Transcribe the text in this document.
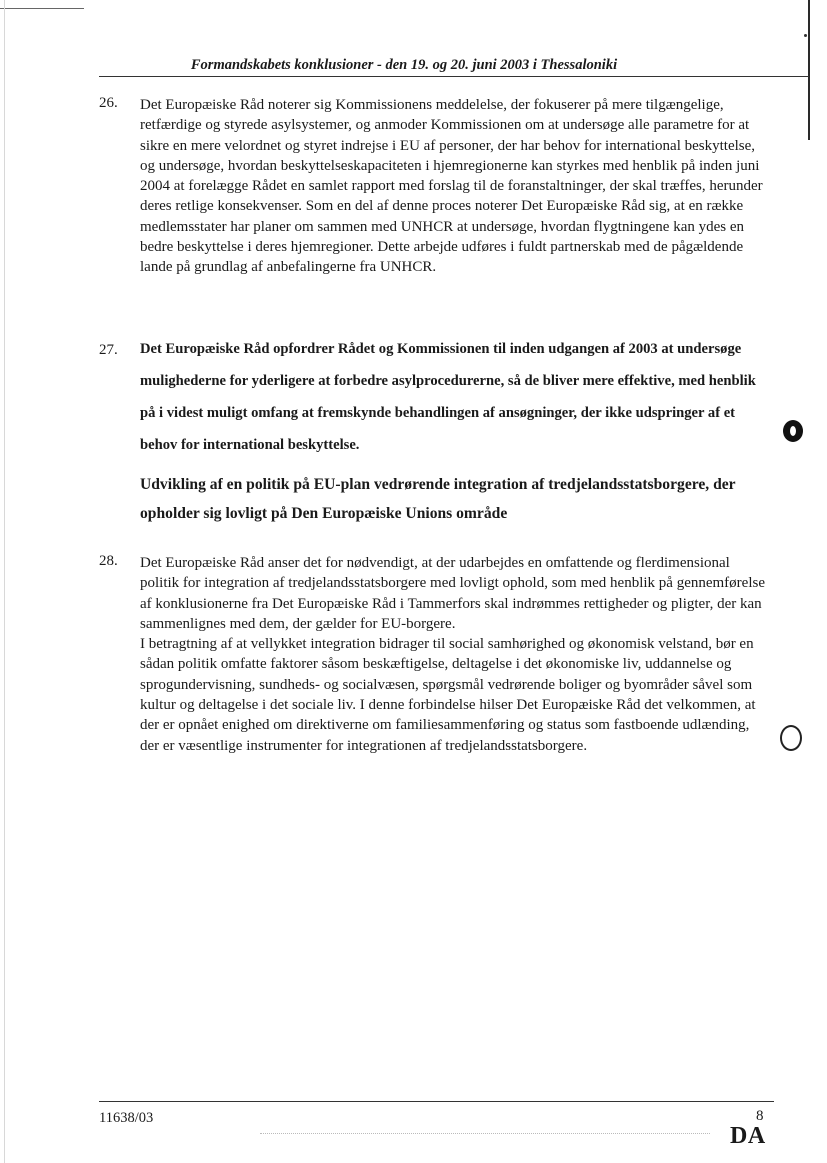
Formandskabets konklusioner - den 19. og 20. juni 2003 i Thessaloniki
26. Det Europæiske Råd noterer sig Kommissionens meddelelse, der fokuserer på mere tilgængelige, retfærdige og styrede asylsystemer, og anmoder Kommissionen om at undersøge alle parametre for at sikre en mere velordnet og styret indrejse i EU af personer, der har behov for international beskyttelse, og undersøge, hvordan beskyttelseskapaciteten i hjemregionerne kan styrkes med henblik på inden juni 2004 at forelægge Rådet en samlet rapport med forslag til de foranstaltninger, der skal træffes, herunder deres retlige konsekvenser. Som en del af denne proces noterer Det Europæiske Råd sig, at en række medlemsstater har planer om sammen med UNHCR at undersøge, hvordan flygtningene kan ydes en bedre beskyttelse i deres hjemregioner. Dette arbejde udføres i fuldt partnerskab med de pågældende lande på grundlag af anbefalingerne fra UNHCR.

27. Det Europæiske Råd opfordrer Rådet og Kommissionen til inden udgangen af 2003 at undersøge mulighederne for yderligere at forbedre asylprocedurerne, så de bliver mere effektive, med henblik på i videst muligt omfang at fremskynde behandlingen af ansøgninger, der ikke udspringer af et behov for international beskyttelse.

Udvikling af en politik på EU-plan vedrørende integration af tredjelandsstatsborgere, der opholder sig lovligt på Den Europæiske Unions område
28. Det Europæiske Råd anser det for nødvendigt, at der udarbejdes en omfattende og flerdimensional politik for integration af tredjelandsstatsborgere med lovligt ophold, som med henblik på gennemførelse af konklusionerne fra Det Europæiske Råd i Tammerfors skal indrømmes rettigheder og pligter, der kan sammenlignes med dem, der gælder for EU-borgere.

I betragtning af at vellykket integration bidrager til social samhørighed og økonomisk velstand, bør en sådan politik omfatte faktorer såsom beskæftigelse, deltagelse i det økonomiske liv, uddannelse og sprogundervisning, sundheds- og socialvæsen, spørgsmål vedrørende boliger og byområder såvel som kultur og deltagelse i det sociale liv. I denne forbindelse hilser Det Europæiske Råd det velkommen, at der er opnået enighed om direktiverne om familiesammenføring og status som fastboende udlænding, der er væsentlige instrumenter for integrationen af tredjelandsstatsborgere.

11638/03	8
DA
